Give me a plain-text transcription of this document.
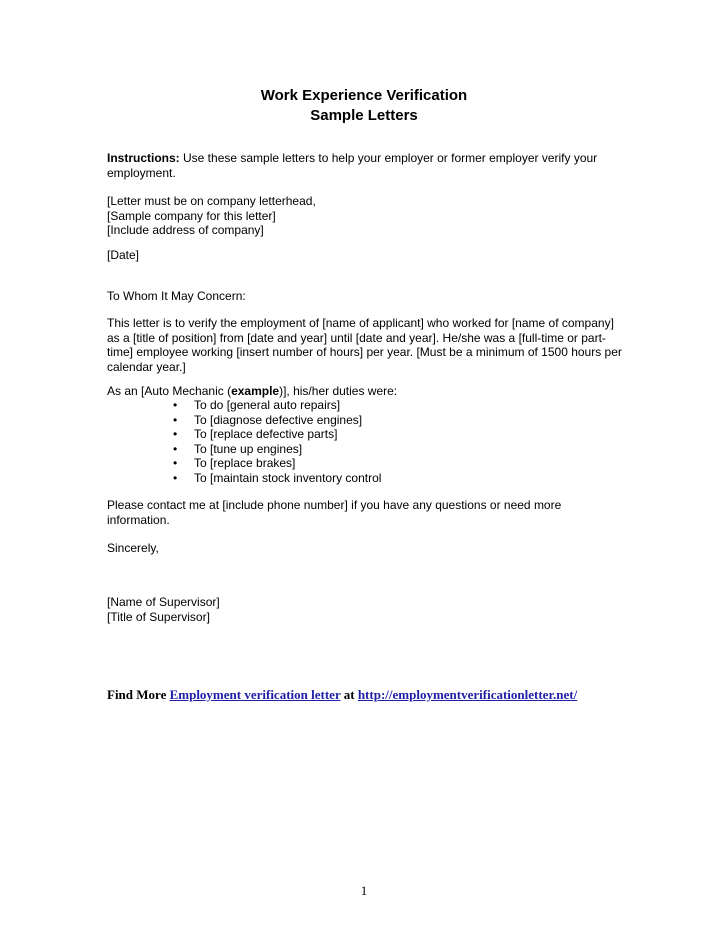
Work Experience Verification
Sample Letters
Instructions: Use these sample letters to help your employer or former employer verify your employment.
[Letter must be on company letterhead,
[Sample company for this letter]
[Include address of company]
[Date]
To Whom It May Concern:
This letter is to verify the employment of [name of applicant] who worked for [name of company] as a [title of position] from [date and year] until [date and year]. He/she was a [full-time or part-time] employee working [insert number of hours] per year. [Must be a minimum of 1500 hours per calendar year.]
As an [Auto Mechanic (example)], his/her duties were:
• To do [general auto repairs]
• To [diagnose defective engines]
• To [replace defective parts]
• To [tune up engines]
• To [replace brakes]
• To [maintain stock inventory control
Please contact me at [include phone number] if you have any questions or need more information.
Sincerely,
[Name of Supervisor]
[Title of Supervisor]
Find More Employment verification letter at http://employmentverificationletter.net/
1
